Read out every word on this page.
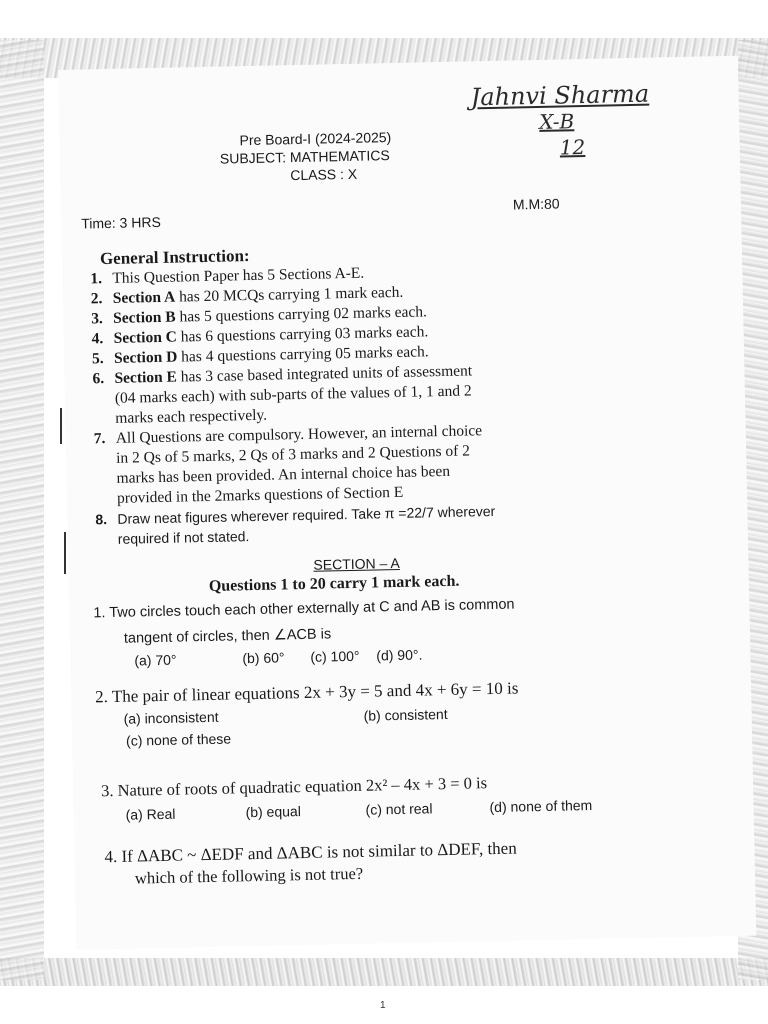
Jahnvi Sharma
X-B
12
Pre Board-I (2024-2025)
SUBJECT: MATHEMATICS
CLASS : X
M.M:80
Time: 3 HRS
General Instruction:
1. This Question Paper has 5 Sections A-E.
2. Section A has 20 MCQs carrying 1 mark each.
3. Section B has 5 questions carrying 02 marks each.
4. Section C has 6 questions carrying 03 marks each.
5. Section D has 4 questions carrying 05 marks each.
6. Section E has 3 case based integrated units of assessment
(04 marks each) with sub-parts of the values of 1, 1 and 2
marks each respectively.
7. All Questions are compulsory. However, an internal choice
in 2 Qs of 5 marks, 2 Qs of 3 marks and 2 Questions of 2
marks has been provided. An internal choice has been
provided in the 2marks questions of Section E
8. Draw neat figures wherever required. Take π =22/7 wherever
required if not stated.
SECTION – A
Questions 1 to 20 carry 1 mark each.
1. Two circles touch each other externally at C and AB is common
tangent of circles, then ∠ACB is
(a) 70°	(b) 60° (c) 100° (d) 90°.
2. The pair of linear equations 2x + 3y = 5 and 4x + 6y = 10 is
(a) inconsistent	(b) consistent
(c) none of these
3. Nature of roots of quadratic equation 2x² – 4x + 3 = 0 is
(a) Real	(b) equal	(c) not real	(d) none of them
4. If ΔABC ~ ΔEDF and ΔABC is not similar to ΔDEF, then
which of the following is not true?
1
